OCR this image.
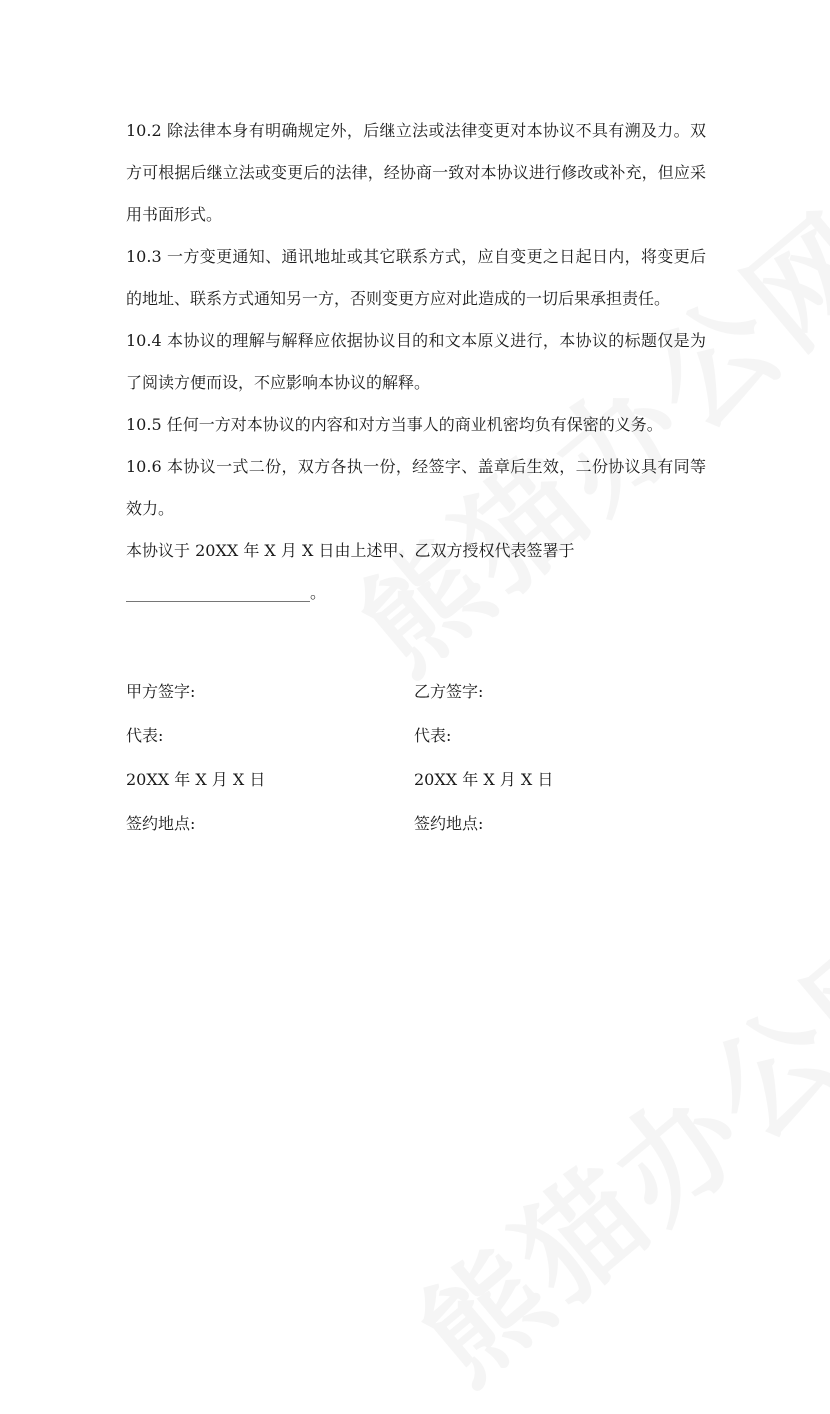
10.2 除法律本身有明确规定外，后继立法或法律变更对本协议不具有溯及力。双方可根据后继立法或变更后的法律，经协商一致对本协议进行修改或补充，但应采用书面形式。

10.3 一方变更通知、通讯地址或其它联系方式，应自变更之日起日内，将变更后的地址、联系方式通知另一方，否则变更方应对此造成的一切后果承担责任。

10.4 本协议的理解与解释应依据协议目的和文本原义进行，本协议的标题仅是为了阅读方便而设，不应影响本协议的解释。

10.5 任何一方对本协议的内容和对方当事人的商业机密均负有保密的义务。

10.6 本协议一式二份，双方各执一份，经签字、盖章后生效，二份协议具有同等效力。

本协议于 20XX 年 X 月 X 日由上述甲、乙双方授权代表签署于

_______________________。

甲方签字:	乙方签字:
代表:	代表:
20XX 年 X 月 X 日	20XX 年 X 月 X 日
签约地点:	签约地点:
